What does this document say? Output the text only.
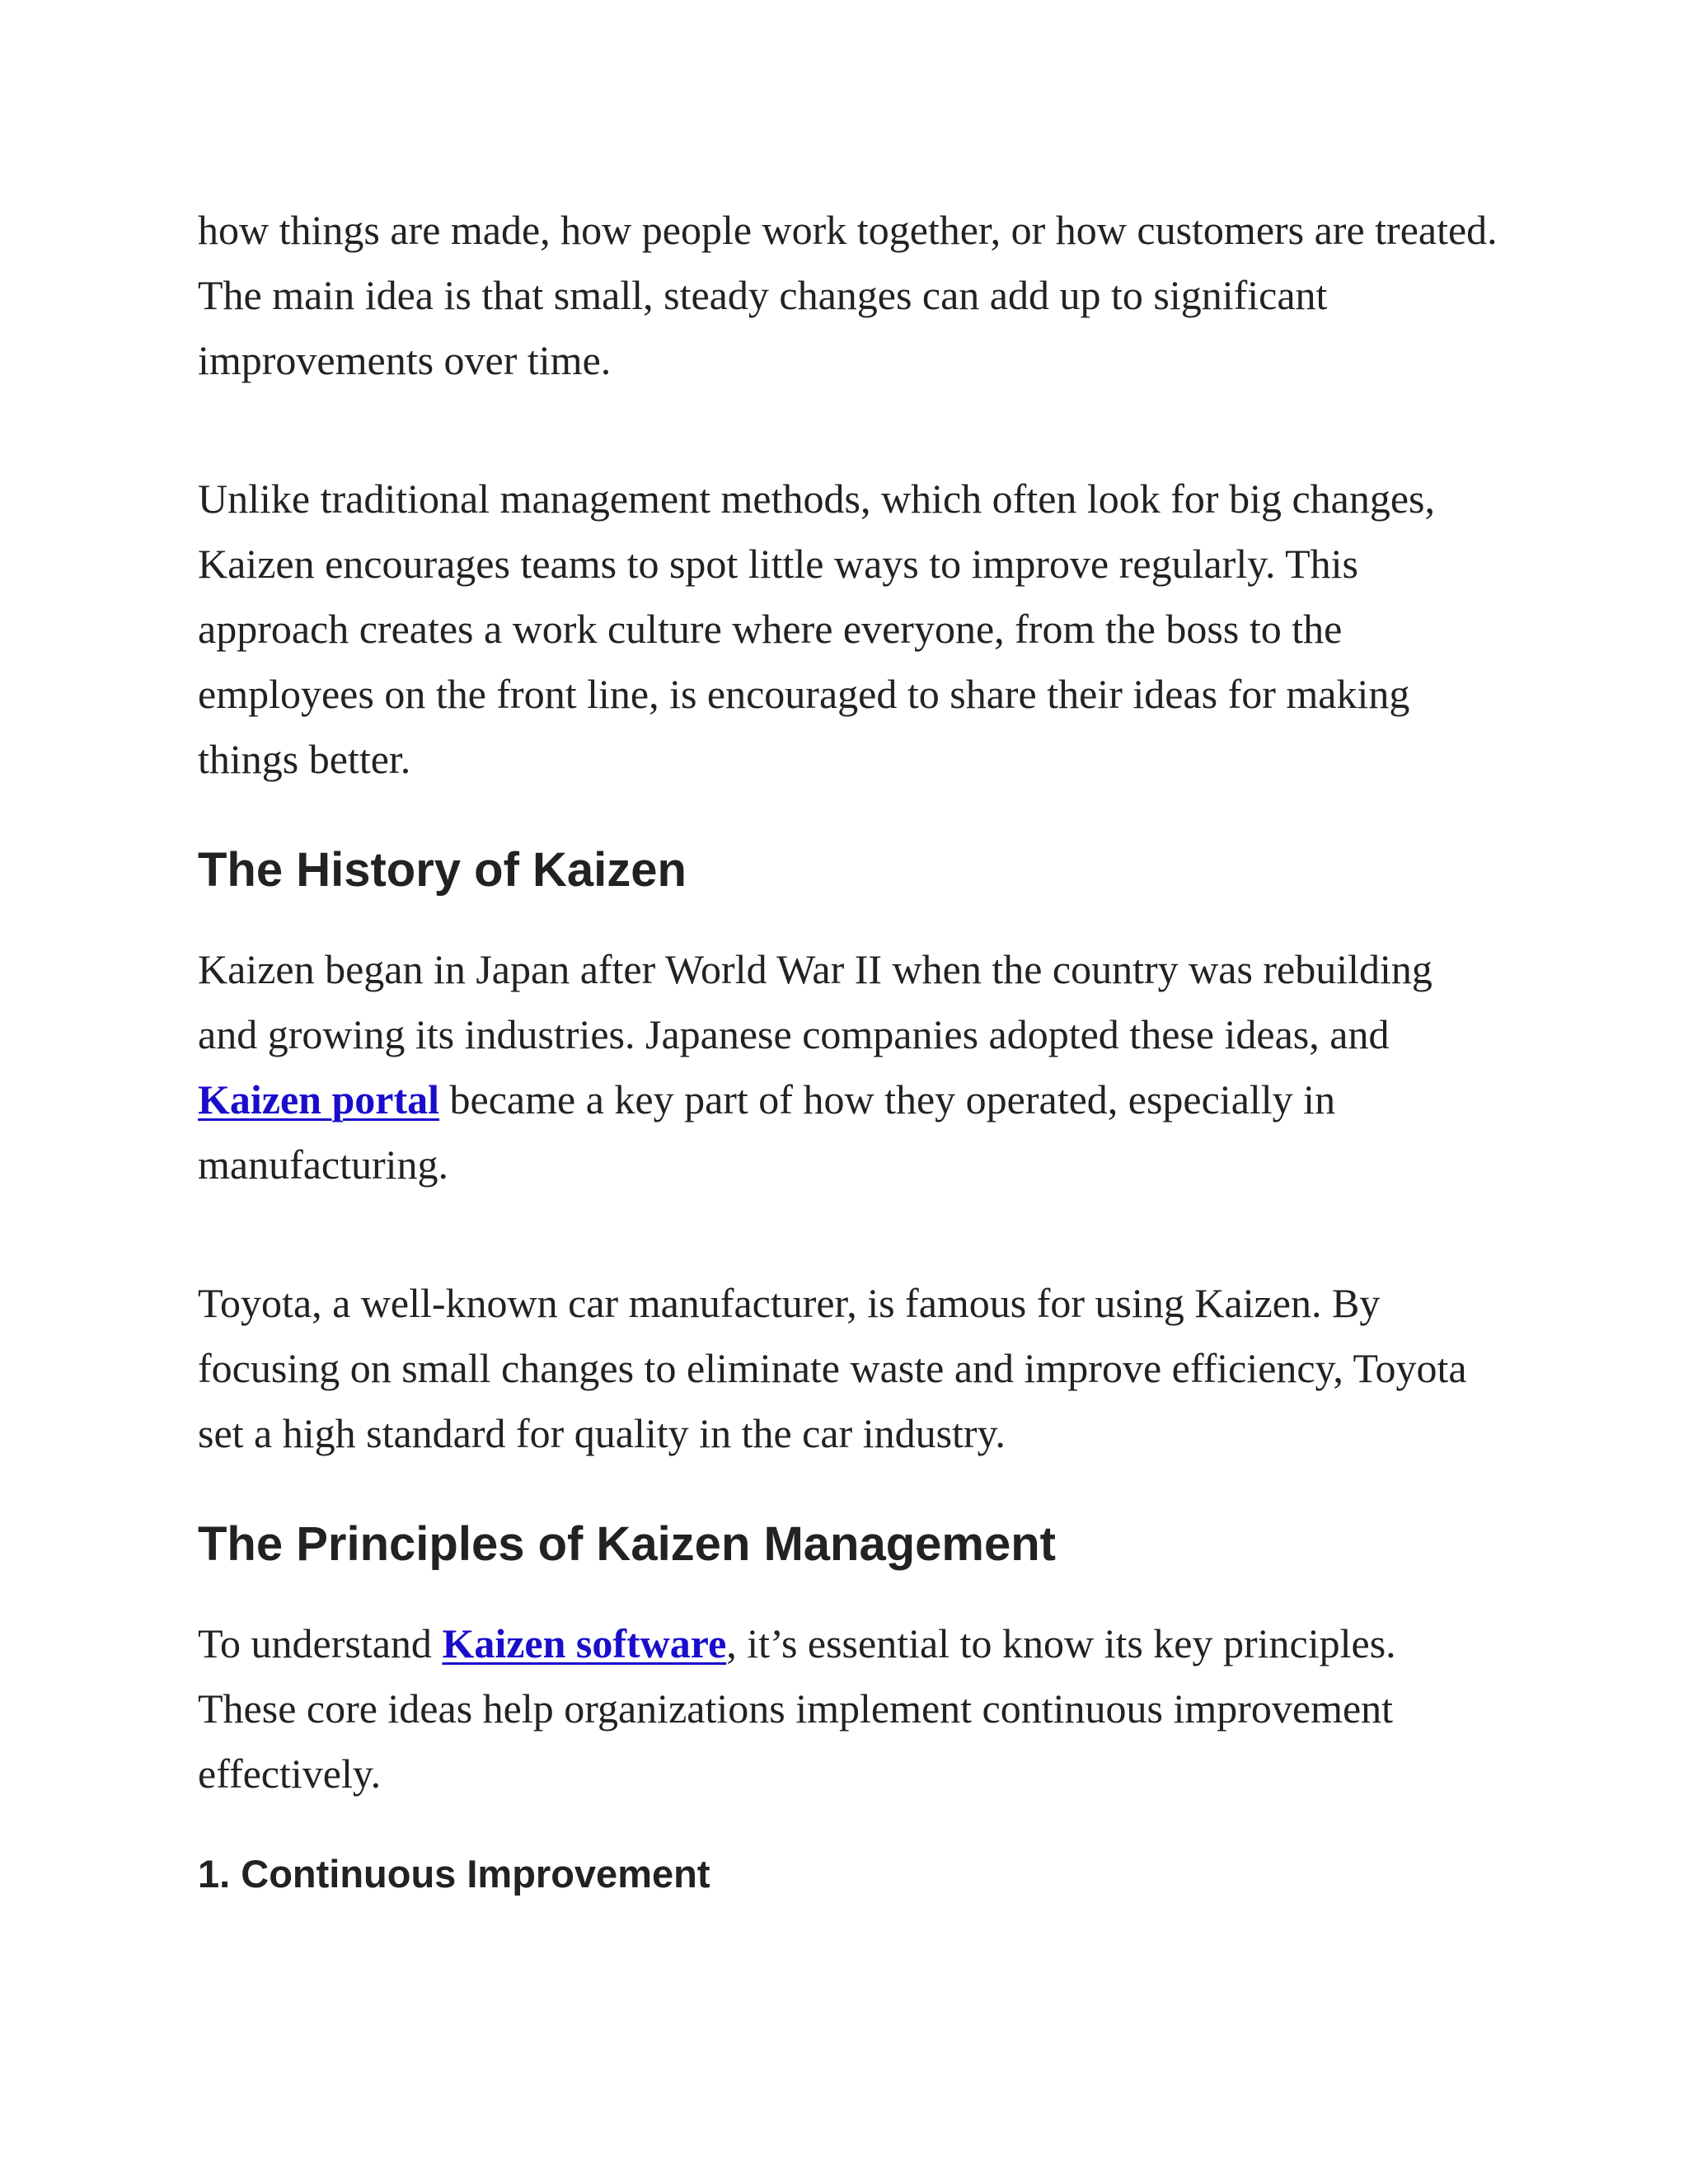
how things are made, how people work together, or how customers are treated. The main idea is that small, steady changes can add up to significant improvements over time.

Unlike traditional management methods, which often look for big changes, Kaizen encourages teams to spot little ways to improve regularly. This approach creates a work culture where everyone, from the boss to the employees on the front line, is encouraged to share their ideas for making things better.

The History of Kaizen

Kaizen began in Japan after World War II when the country was rebuilding and growing its industries. Japanese companies adopted these ideas, and Kaizen portal became a key part of how they operated, especially in manufacturing.

Toyota, a well-known car manufacturer, is famous for using Kaizen. By focusing on small changes to eliminate waste and improve efficiency, Toyota set a high standard for quality in the car industry.

The Principles of Kaizen Management

To understand Kaizen software, it’s essential to know its key principles. These core ideas help organizations implement continuous improvement effectively.

1. Continuous Improvement
